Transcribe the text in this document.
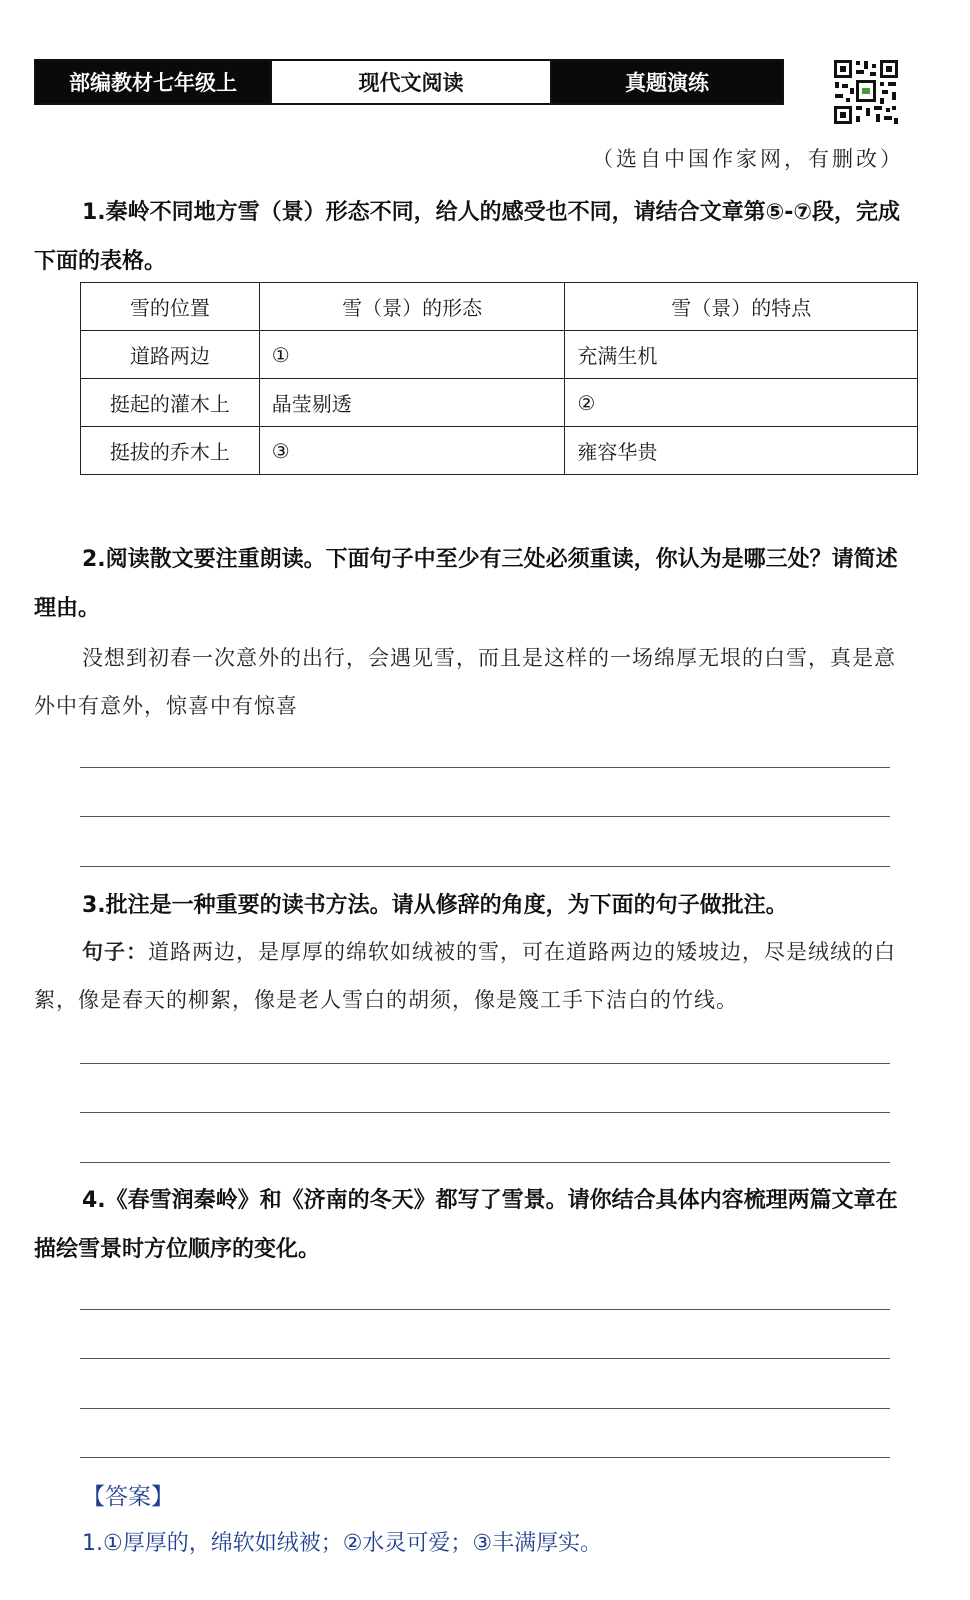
部编教材七年级上	现代文阅读	真题演练
（选自中国作家网，有删改）
1.秦岭不同地方雪（景）形态不同，给人的感受也不同，请结合文章第⑤-⑦段，完成下面的表格。
雪的位置	雪（景）的形态	雪（景）的特点
道路两边	①	充满生机
挺起的灌木上	晶莹剔透	②
挺拔的乔木上	③	雍容华贵
2.阅读散文要注重朗读。下面句子中至少有三处必须重读，你认为是哪三处？请简述理由。
没想到初春一次意外的出行，会遇见雪，而且是这样的一场绵厚无垠的白雪，真是意外中有意外，惊喜中有惊喜
3.批注是一种重要的读书方法。请从修辞的角度，为下面的句子做批注。
句子：道路两边，是厚厚的绵软如绒被的雪，可在道路两边的矮坡边，尽是绒绒的白絮，像是春天的柳絮，像是老人雪白的胡须，像是篾工手下洁白的竹线。
4.《春雪润秦岭》和《济南的冬天》都写了雪景。请你结合具体内容梳理两篇文章在描绘雪景时方位顺序的变化。
【答案】
1.①厚厚的，绵软如绒被；②水灵可爱；③丰满厚实。
